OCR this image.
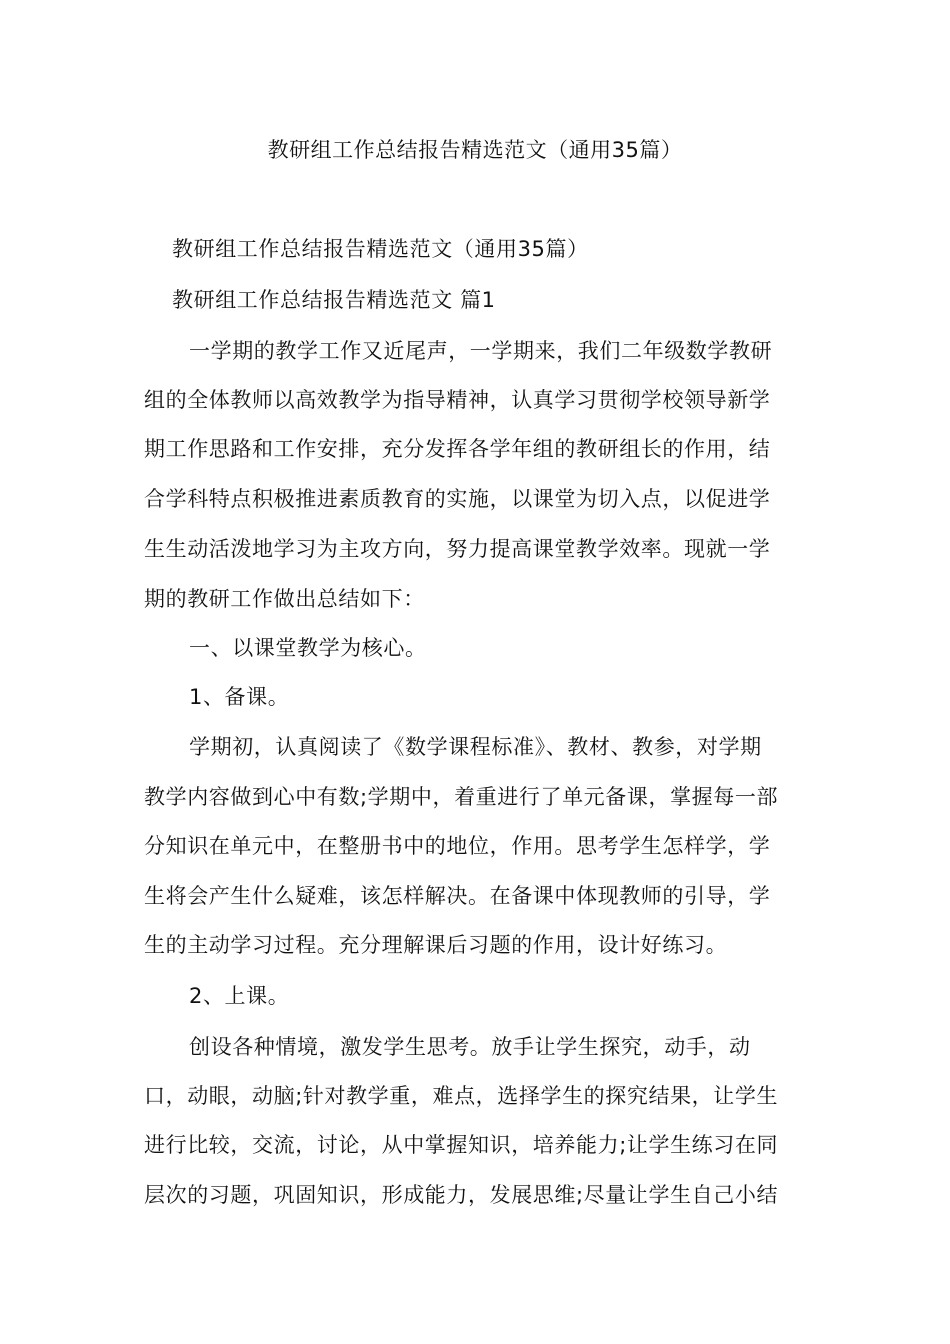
教研组工作总结报告精选范文（通用35篇）
教研组工作总结报告精选范文（通用35篇）
教研组工作总结报告精选范文 篇1
一学期的教学工作又近尾声，一学期来，我们二年级数学教研
组的全体教师以高效教学为指导精神，认真学习贯彻学校领导新学
期工作思路和工作安排，充分发挥各学年组的教研组长的作用，结
合学科特点积极推进素质教育的实施，以课堂为切入点，以促进学
生生动活泼地学习为主攻方向，努力提高课堂教学效率。现就一学
期的教研工作做出总结如下：
一、以课堂教学为核心。
1、备课。
学期初，认真阅读了《数学课程标准》、教材、教参，对学期
教学内容做到心中有数;学期中，着重进行了单元备课，掌握每一部
分知识在单元中，在整册书中的地位，作用。思考学生怎样学，学
生将会产生什么疑难，该怎样解决。在备课中体现教师的引导，学
生的主动学习过程。充分理解课后习题的作用，设计好练习。
2、上课。
创设各种情境，激发学生思考。放手让学生探究，动手，动
口，动眼，动脑;针对教学重，难点，选择学生的探究结果，让学生
进行比较，交流，讨论，从中掌握知识，培养能力;让学生练习在同
层次的习题，巩固知识，形成能力，发展思维;尽量让学生自己小结
